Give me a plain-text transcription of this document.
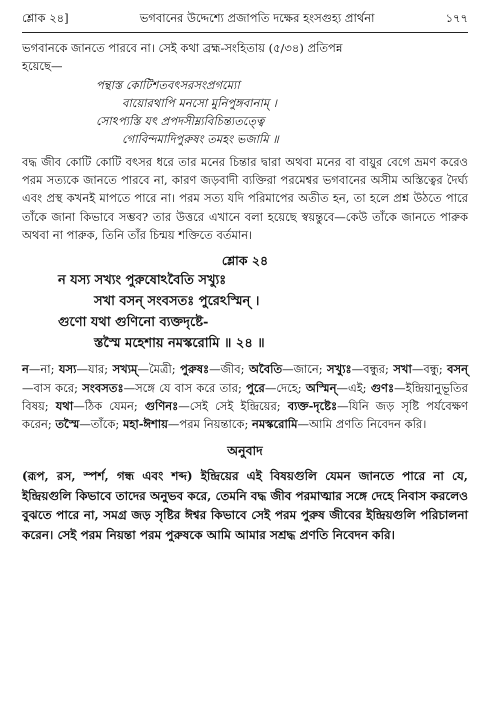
শ্লোক ২৪]	ভগবানের উদ্দেশ্যে প্রজাপতি দক্ষের হংসগুহ্য প্রার্থনা	১৭৭

ভগবানকে জানতে পারবে না। সেই কথা ব্রহ্ম-সংহিতায় (৫/৩৪) প্রতিপন্ন

হয়েছে—

পন্থাস্ত কোটিশতবৎসরসংপ্রগম্যো
বায়োরথাপি মনসো মুনিপুঙ্গবানাম্ ।
সোঽপ্যস্তি যৎ প্রপদসীম্ন্যবিচিন্ত্যতত্ত্বে
গোবিন্দমাদিপুরুষং তমহং ভজামি ॥

বদ্ধ জীব কোটি কোটি বৎসর ধরে তার মনের চিন্তার দ্বারা অথবা মনের বা বায়ুর বেগে ভ্রমণ করেও পরম সত্যকে জানতে পারবে না, কারণ জড়বাদী ব্যক্তিরা পরমেশ্বর ভগবানের অসীম অস্তিত্বের দৈর্ঘ্য এবং প্রস্থ কখনই মাপতে পারে না। পরম সত্য যদি পরিমাপের অতীত হন, তা হলে প্রশ্ন উঠতে পারে তাঁকে জানা কিভাবে সম্ভব? তার উত্তরে এখানে বলা হয়েছে স্বয়ন্তুবে—কেউ তাঁকে জানতে পারুক অথবা না পারুক, তিনি তাঁর চিন্ময় শক্তিতে বর্তমান।

শ্লোক ২৪
ন যস্য সখ্যং পুরুষোঽবৈতি সখ্যুঃ
সখা বসন্ সংবসতঃ পুরেঽস্মিন্ ।
গুণো যথা গুণিনো ব্যক্তদৃষ্টে-
স্তস্মৈ মহেশায় নমস্করোমি ॥ ২৪ ॥
ন—না; যস্য—যার; সখ্যম্—মৈত্রী; পুরুষঃ—জীব; অবৈতি—জানে; সখ্যুঃ—বন্ধুর; সখা—বন্ধু; বসন্—বাস করে; সংবসতঃ—সঙ্গে যে বাস করে তার; পুরে—দেহে; অস্মিন্—এই; গুণঃ—ইন্দ্রিয়ানুভূতির বিষয়; যথা—ঠিক যেমন; গুণিনঃ—সেই সেই ইন্দ্রিয়ের; ব্যক্ত-দৃষ্টেঃ—যিনি জড় সৃষ্টি পর্যবেক্ষণ করেন; তস্মৈ—তাঁকে; মহা-ঈশায়—পরম নিয়ন্তাকে; নমস্করোমি—আমি প্রণতি নিবেদন করি।
অনুবাদ

(রূপ, রস, স্পর্শ, গন্ধ এবং শব্দ) ইন্দ্রিয়ের এই বিষয়গুলি যেমন জানতে পারে না যে, ইন্দ্রিয়গুলি কিভাবে তাদের অনুভব করে, তেমনি বদ্ধ জীব পরমাত্মার সঙ্গে দেহে নিবাস করলেও বুঝতে পারে না, সমগ্র জড় সৃষ্টির ঈশ্বর কিভাবে সেই পরম পুরুষ জীবের ইন্দ্রিয়গুলি পরিচালনা করেন। সেই পরম নিয়ন্তা পরম পুরুষকে আমি আমার সশ্রদ্ধ প্রণতি নিবেদন করি।
